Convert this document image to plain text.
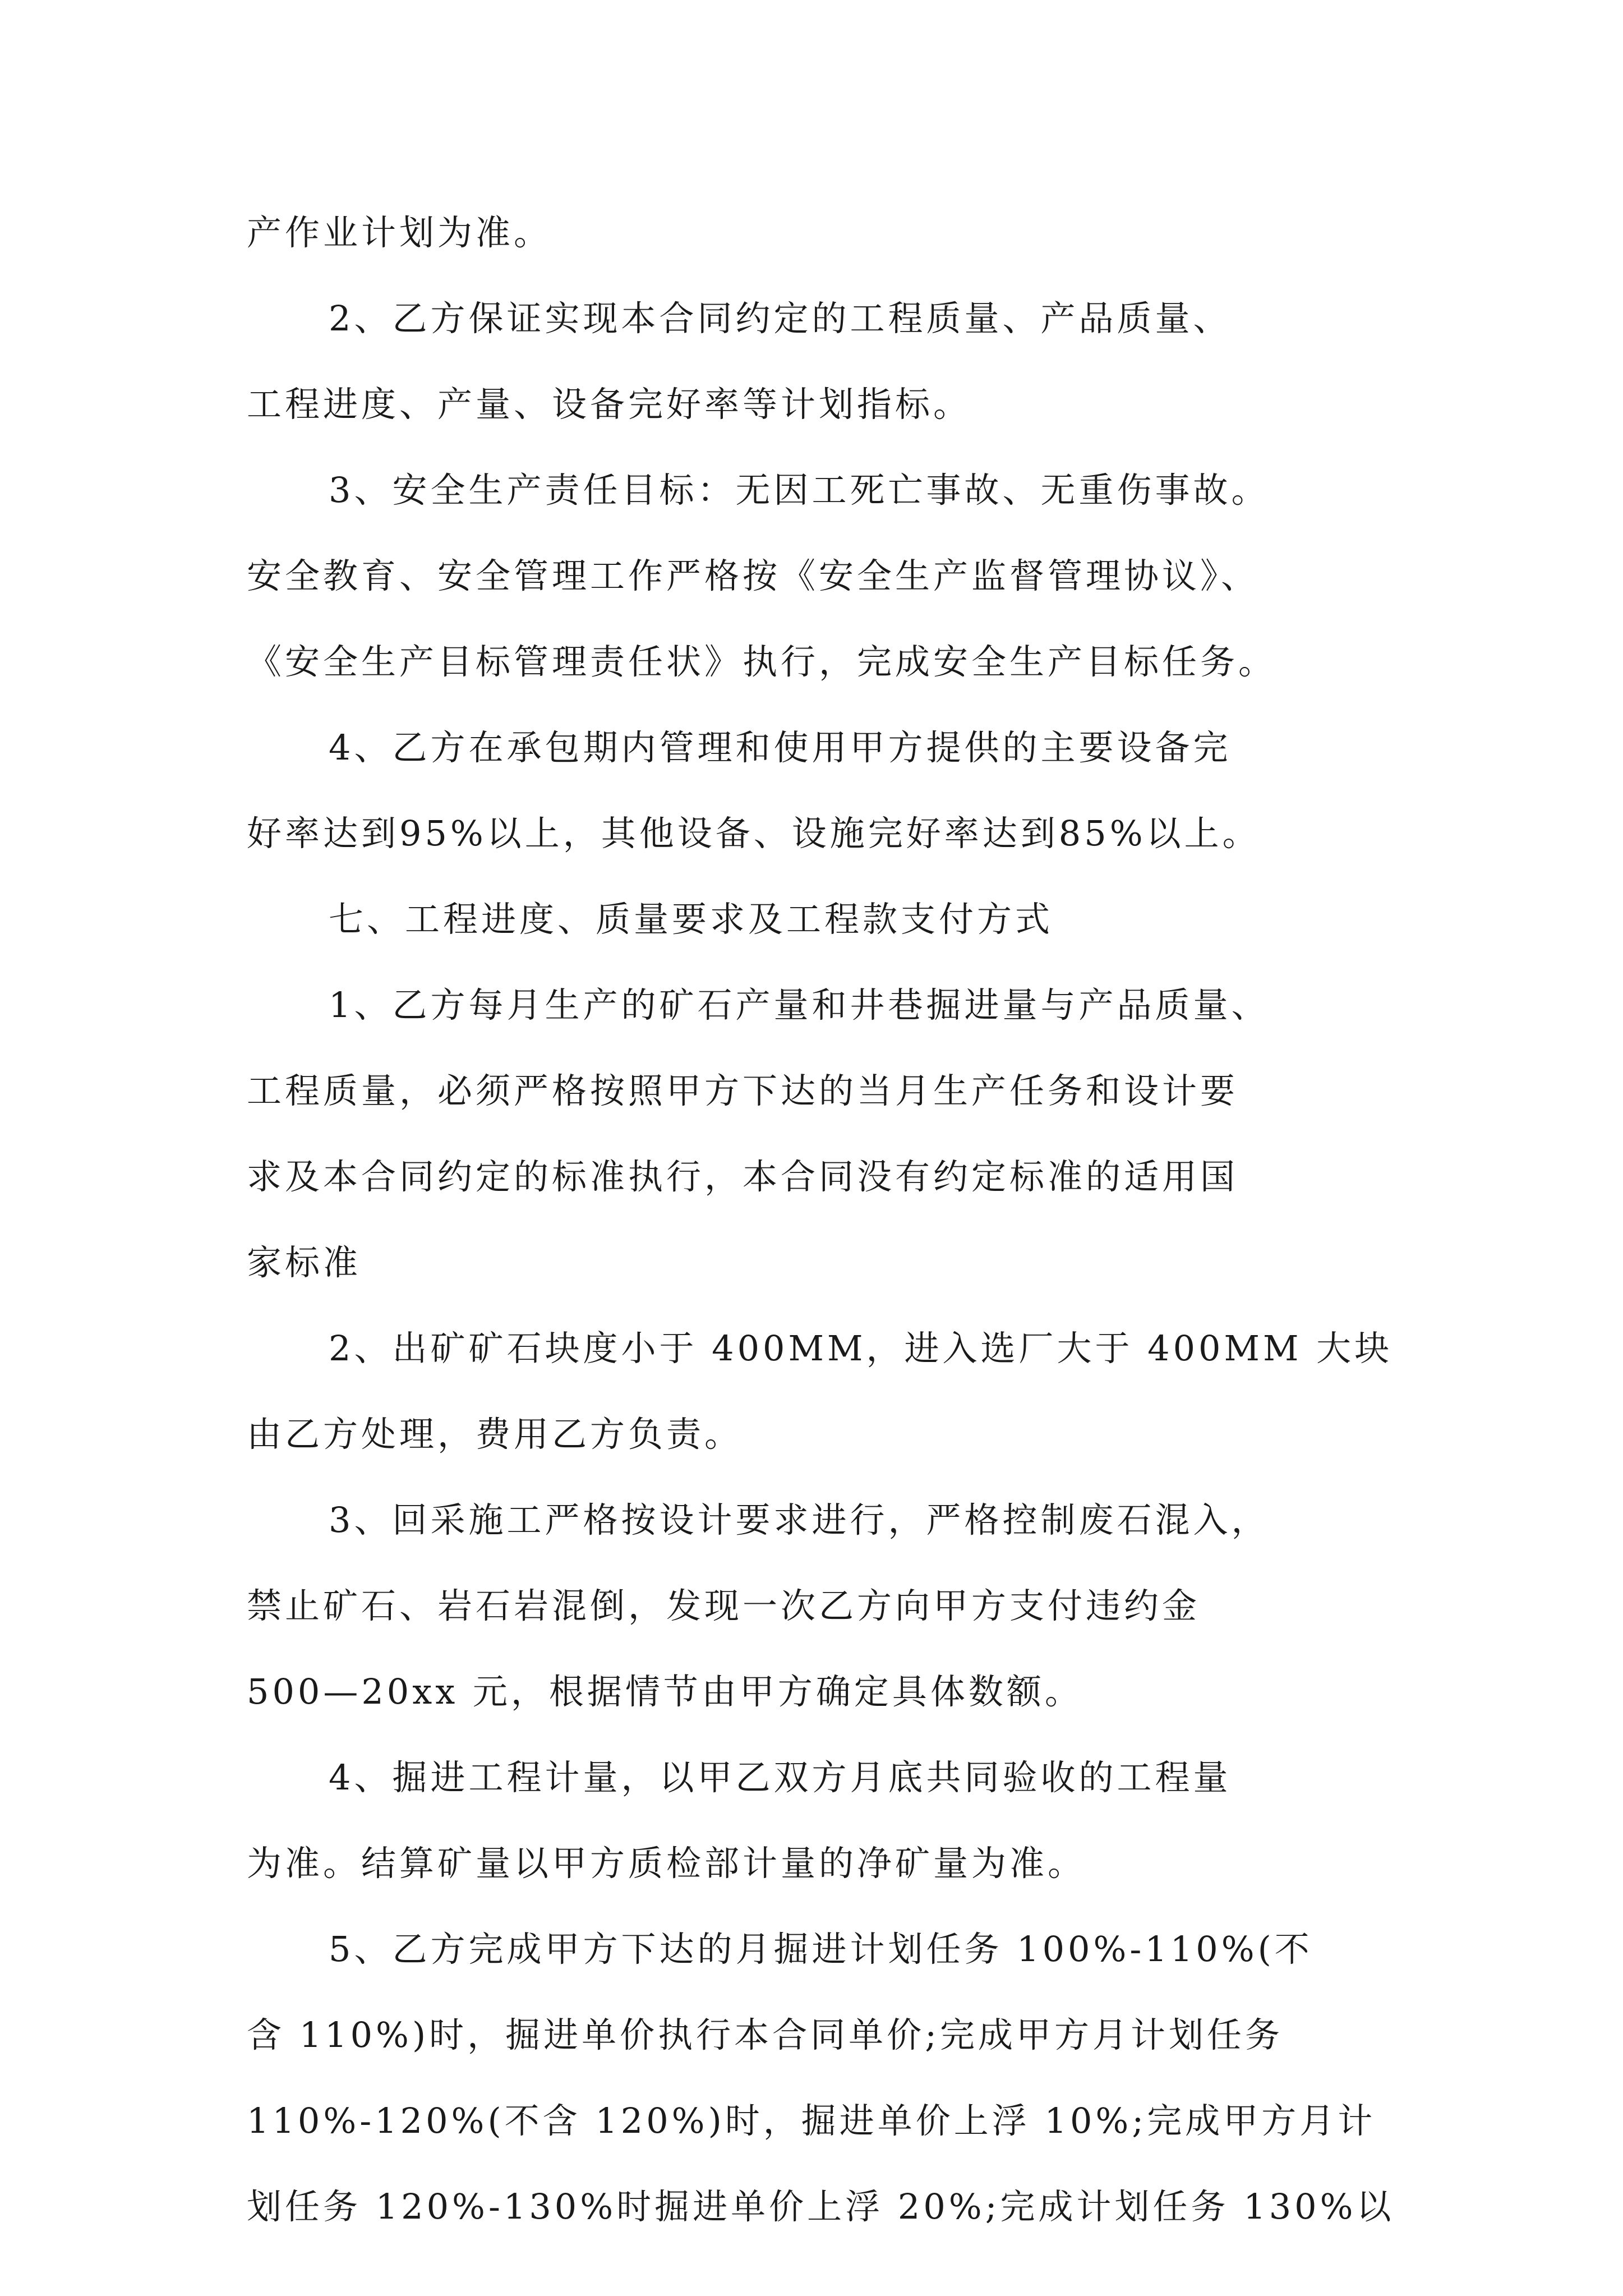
产作业计划为准。
2、乙方保证实现本合同约定的工程质量、产品质量、
工程进度、产量、设备完好率等计划指标。
3、安全生产责任目标：无因工死亡事故、无重伤事故。
安全教育、安全管理工作严格按《安全生产监督管理协议》、
《安全生产目标管理责任状》执行，完成安全生产目标任务。
4、乙方在承包期内管理和使用甲方提供的主要设备完
好率达到95%以上，其他设备、设施完好率达到85%以上。
七、工程进度、质量要求及工程款支付方式
1、乙方每月生产的矿石产量和井巷掘进量与产品质量、
工程质量，必须严格按照甲方下达的当月生产任务和设计要
求及本合同约定的标准执行，本合同没有约定标准的适用国
家标准
2、出矿矿石块度小于 400MM，进入选厂大于 400MM 大块
由乙方处理，费用乙方负责。
3、回采施工严格按设计要求进行，严格控制废石混入，
禁止矿石、岩石岩混倒，发现一次乙方向甲方支付违约金
500—20xx 元，根据情节由甲方确定具体数额。
4、掘进工程计量，以甲乙双方月底共同验收的工程量
为准。结算矿量以甲方质检部计量的净矿量为准。
5、乙方完成甲方下达的月掘进计划任务 100%-110%(不
含 110%)时，掘进单价执行本合同单价;完成甲方月计划任务
110%-120%(不含 120%)时，掘进单价上浮 10%;完成甲方月计
划任务 120%-130%时掘进单价上浮 20%;完成计划任务 130%以
